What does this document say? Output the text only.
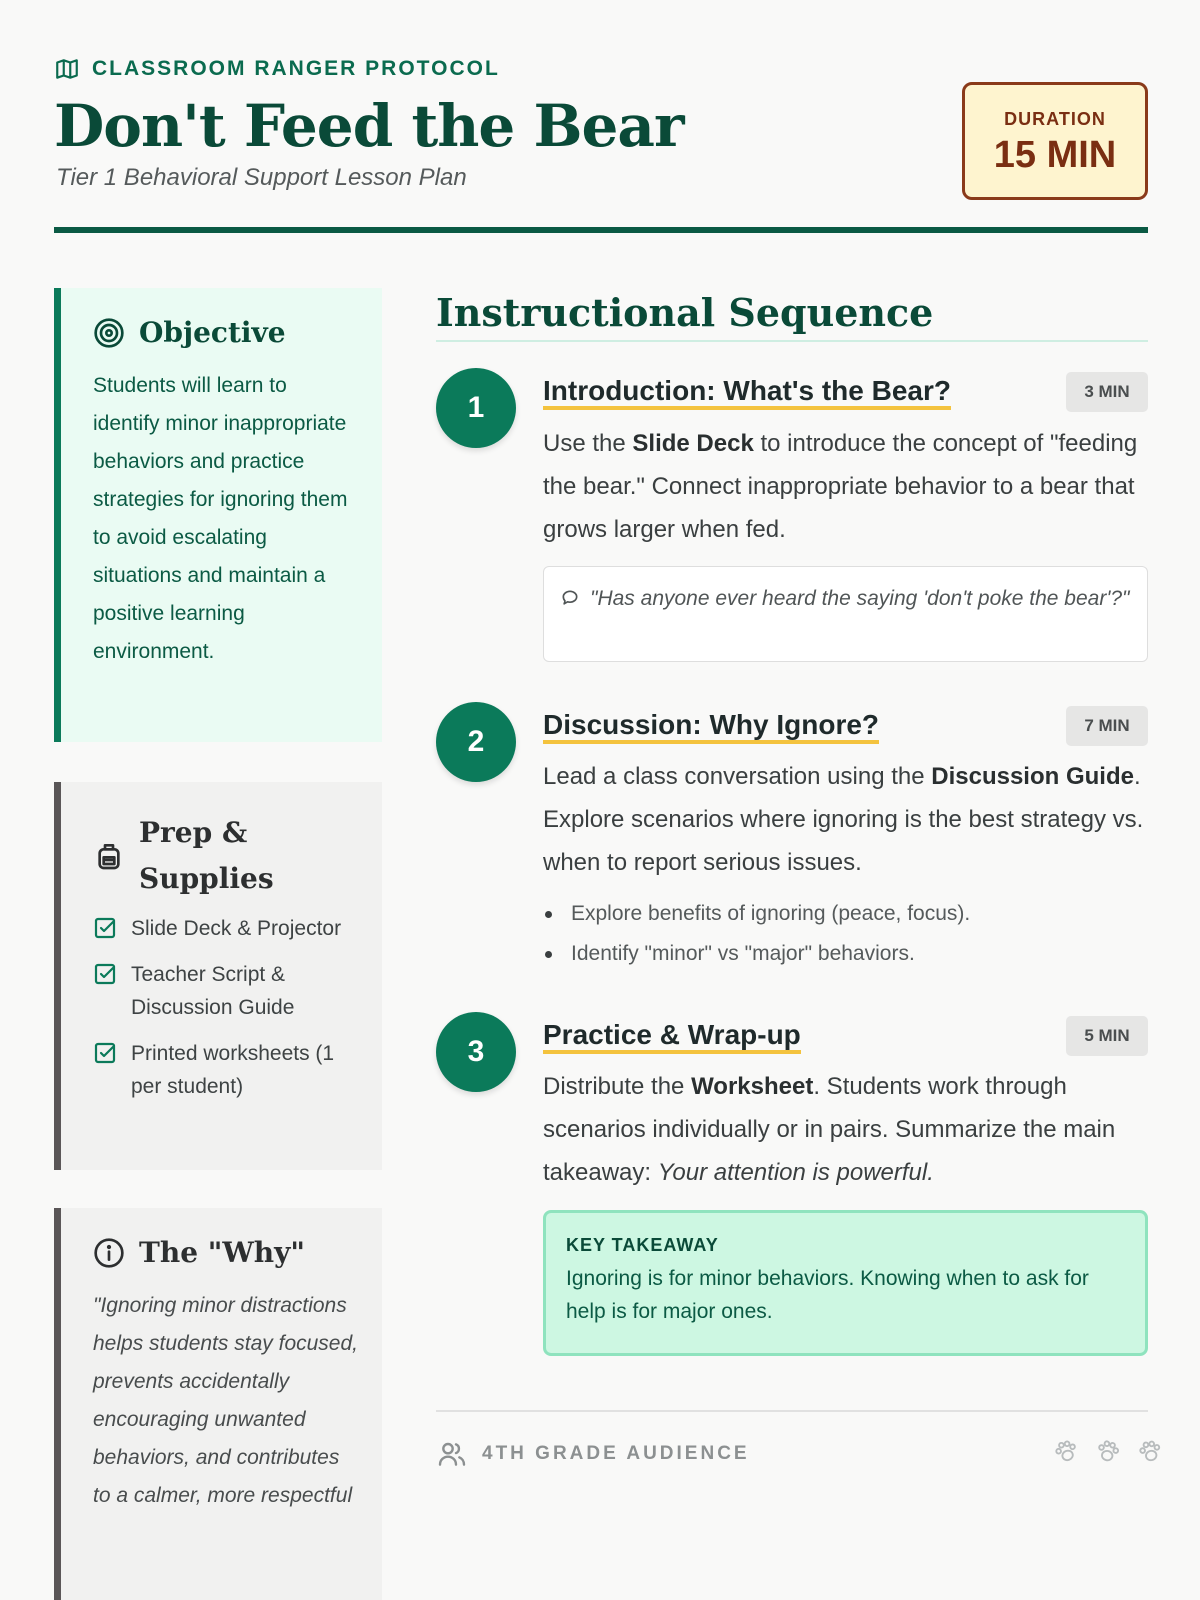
CLASSROOM RANGER PROTOCOL
Don't Feed the Bear
Tier 1 Behavioral Support Lesson Plan
DURATION
15 MIN
Objective

Students will learn to identify minor inappropriate behaviors and practice strategies for ignoring them to avoid escalating situations and maintain a positive learning environment.

Prep & Supplies
Slide Deck & Projector
Teacher Script & Discussion Guide
Printed worksheets (1 per student)
The "Why"

"Ignoring minor distractions helps students stay focused, prevents accidentally encouraging unwanted behaviors, and contributes to a calmer, more respectful

Instructional Sequence
1
Introduction: What's the Bear?	3 MIN
Use the Slide Deck to introduce the concept of "feeding the bear." Connect inappropriate behavior to a bear that grows larger when fed.
"Has anyone ever heard the saying 'don't poke the bear'?"
2
Discussion: Why Ignore?	7 MIN
Lead a class conversation using the Discussion Guide. Explore scenarios where ignoring is the best strategy vs. when to report serious issues.
Explore benefits of ignoring (peace, focus).
Identify "minor" vs "major" behaviors.
3
Practice & Wrap-up	5 MIN
Distribute the Worksheet. Students work through scenarios individually or in pairs. Summarize the main takeaway: Your attention is powerful.
KEY TAKEAWAY
Ignoring is for minor behaviors. Knowing when to ask for help is for major ones.
4TH GRADE AUDIENCE
